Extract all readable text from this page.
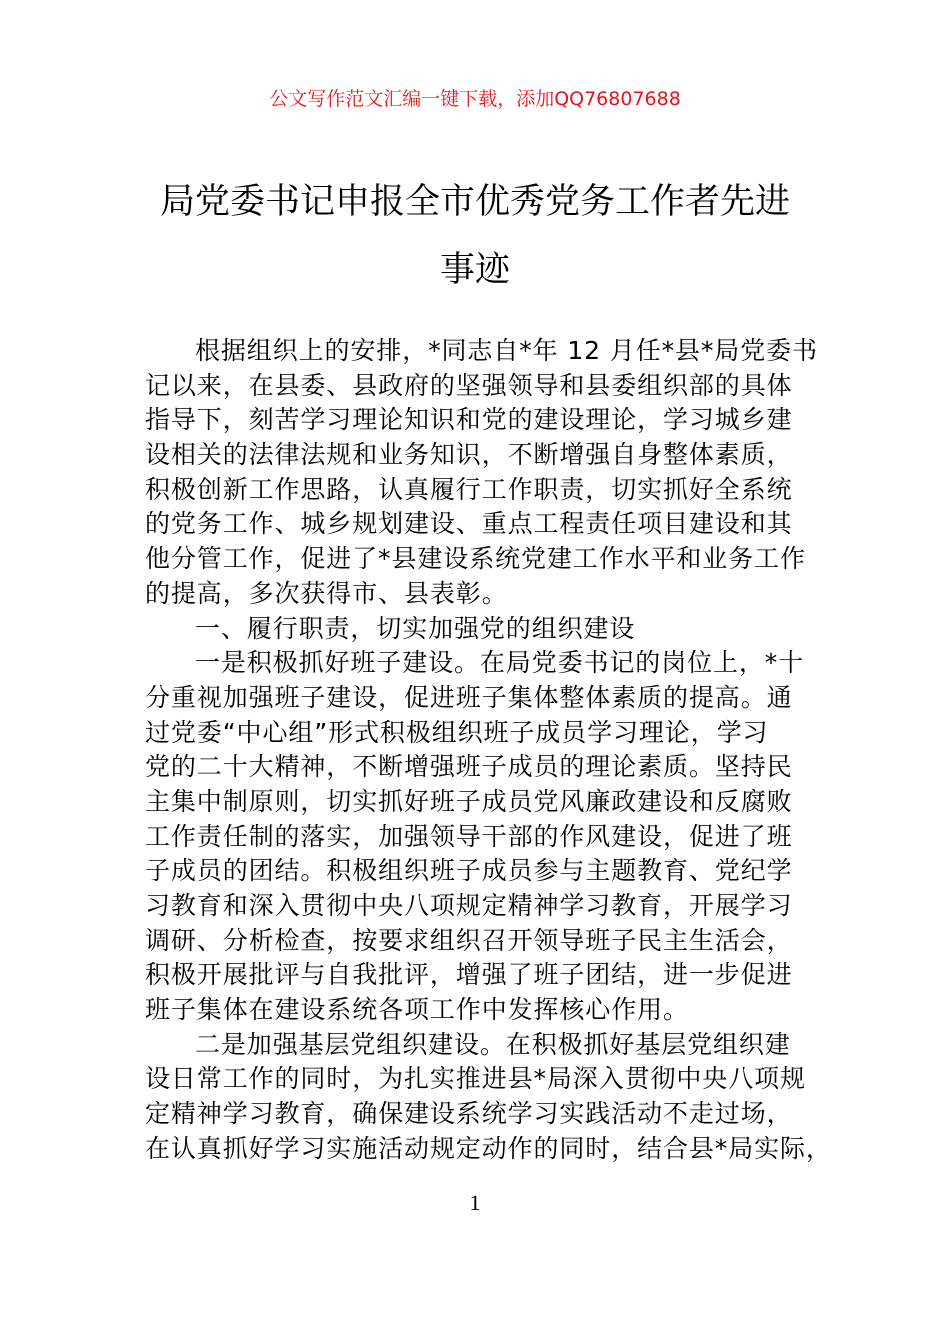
公文写作范文汇编一键下载，添加QQ76807688
局党委书记申报全市优秀党务工作者先进
事迹
根据组织上的安排，*同志自*年 12 月任*县*局党委书
记以来，在县委、县政府的坚强领导和县委组织部的具体
指导下，刻苦学习理论知识和党的建设理论，学习城乡建
设相关的法律法规和业务知识，不断增强自身整体素质，
积极创新工作思路，认真履行工作职责，切实抓好全系统
的党务工作、城乡规划建设、重点工程责任项目建设和其
他分管工作，促进了*县建设系统党建工作水平和业务工作
的提高，多次获得市、县表彰。
一、履行职责，切实加强党的组织建设
一是积极抓好班子建设。在局党委书记的岗位上，*十
分重视加强班子建设，促进班子集体整体素质的提高。通
过党委“中心组”形式积极组织班子成员学习理论，学习
党的二十大精神，不断增强班子成员的理论素质。坚持民
主集中制原则，切实抓好班子成员党风廉政建设和反腐败
工作责任制的落实，加强领导干部的作风建设，促进了班
子成员的团结。积极组织班子成员参与主题教育、党纪学
习教育和深入贯彻中央八项规定精神学习教育，开展学习
调研、分析检查，按要求组织召开领导班子民主生活会，
积极开展批评与自我批评，增强了班子团结，进一步促进
班子集体在建设系统各项工作中发挥核心作用。
二是加强基层党组织建设。在积极抓好基层党组织建
设日常工作的同时，为扎实推进县*局深入贯彻中央八项规
定精神学习教育，确保建设系统学习实践活动不走过场，
在认真抓好学习实施活动规定动作的同时，结合县*局实际，
1
